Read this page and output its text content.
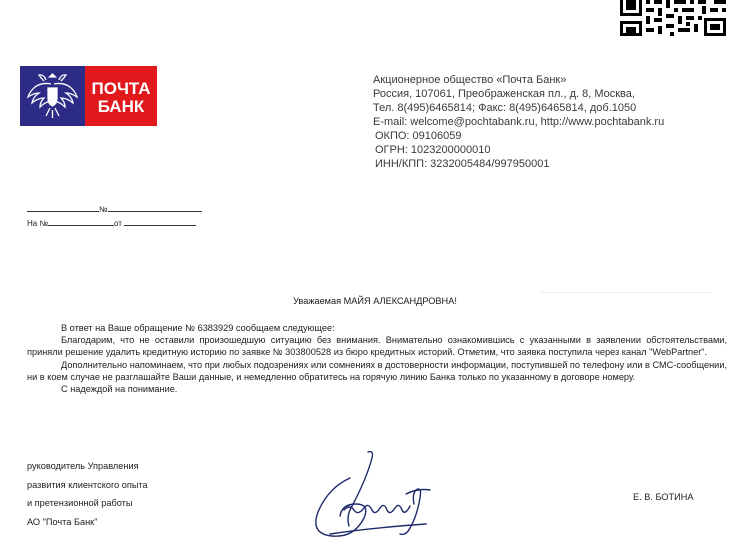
ПОЧТА
БАНК
Акционерное общество «Почта Банк»
Россия, 107061, Преображенская пл., д. 8, Москва,
Тел. 8(495)6465814; Факс: 8(495)6465814, доб.1050
E-mail: welcome@pochtabank.ru, http://www.pochtabank.ru
ОКПО: 09106059
ОГРН: 1023200000010
ИНН/КПП: 3232005484/997950001
№
На №	от
Уважаемая МАЙЯ АЛЕКСАНДРОВНА!

В ответ на Ваше обращение № 6383929 сообщаем следующее:

Благодарим, что не оставили произошедшую ситуацию без внимания. Внимательно ознакомившись с указанными в заявлении обстоятельствами, приняли решение удалить кредитную историю по заявке № 303800528 из бюро кредитных историй. Отметим, что заявка поступила через канал "WebPartner".

Дополнительно напоминаем, что при любых подозрениях или сомнениях в достоверности информации, поступившей по телефону или в СМС-сообщении, ни в коем случае не разглашайте Ваши данные, и немедленно обратитесь на горячую линию Банка только по указанному в договоре номеру.

С надеждой на понимание.

руководитель Управления
развития клиентского опыта
и претензионной работы
АО "Почта Банк"
Е. В. БОТИНА
